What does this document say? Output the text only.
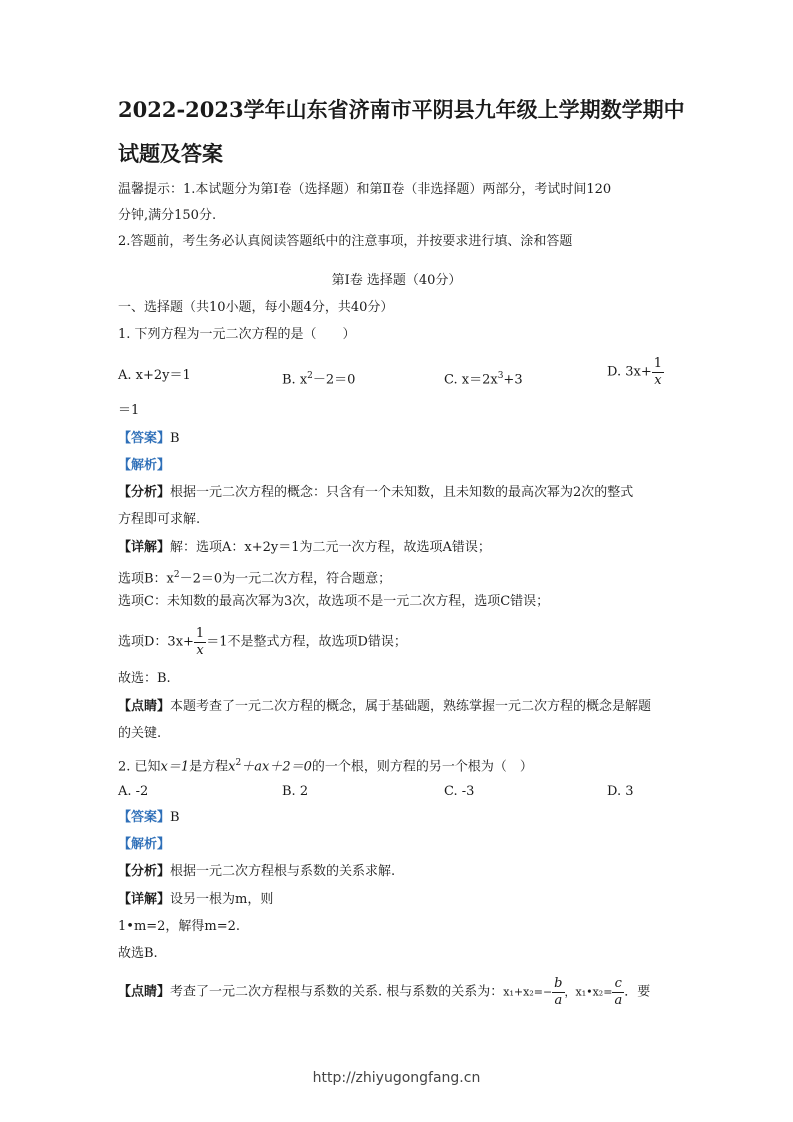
2022-2023学年山东省济南市平阴县九年级上学期数学期中
试题及答案
温馨提示：1.本试题分为第Ⅰ卷（选择题）和第Ⅱ卷（非选择题）两部分，考试时间120
分钟,满分150分.
2.答题前，考生务必认真阅读答题纸中的注意事项，并按要求进行填、涂和答题
第Ⅰ卷 选择题（40分）
一、选择题（共10小题，每小题4分，共40分）
1. 下列方程为一元二次方程的是（　　）
A. x+2y＝1	B. $x^2-2=0$	C. $x=2x^3+3$
D. $3x+ \frac{1}{x}$
＝1
【答案】B
【解析】
【分析】根据一元二次方程的概念：只含有一个未知数，且未知数的最高次幂为2次的整式
方程即可求解.
【详解】解：选项A：x+2y＝1为二元一次方程，故选项A错误；
选项B：$x^2-2=0$为一元二次方程，符合题意；
选项C：未知数的最高次幂为3次，故选项不是一元二次方程，选项C错误；
选项D：$3x+ \frac{1}{x} =1$不是整式方程，故选项D错误；
故选：B.
【点睛】本题考查了一元二次方程的概念，属于基础题，熟练掌握一元二次方程的概念是解题
的关键.
2. 已知x＝1是方程$x^2+ax+2=0$的一个根，则方程的另一个根为（　）
A. -2	B. 2	C. -3	D. 3
【答案】B
【解析】
【分析】根据一元二次方程根与系数的关系求解.
【详解】设另一根为m，则
1•m=2，解得m=2.
故选B.
【点睛】考查了一元二次方程根与系数的关系. 根与系数的关系为：$x_1+x_2=- \frac{b}{a}$ ，x₁•x₂= $\frac{c}{a}$ ．要
http://zhiyugongfang.cn
